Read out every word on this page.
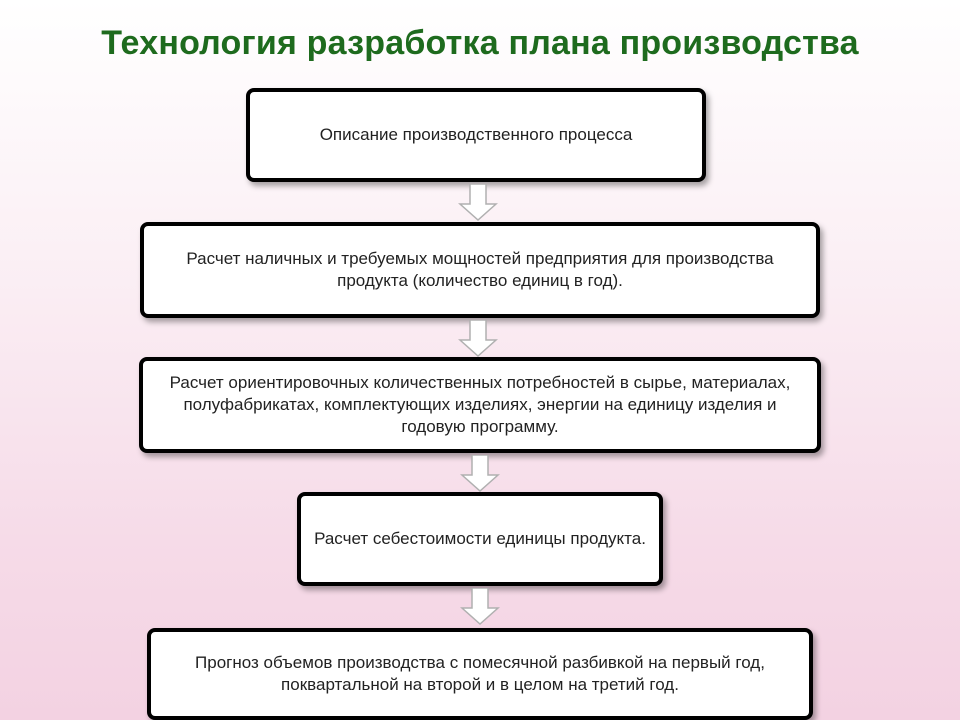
Технология разработка плана производства
Описание производственного процесса
Расчет наличных и требуемых мощностей предприятия для производства продукта (количество единиц в год).
Расчет ориентировочных количественных потребностей в сырье, материалах, полуфабрикатах, комплектующих изделиях, энергии на единицу изделия и годовую программу.
Расчет себестоимости единицы продукта.
Прогноз объемов производства с помесячной разбивкой на первый год, поквартальной на второй и в целом на третий год.
